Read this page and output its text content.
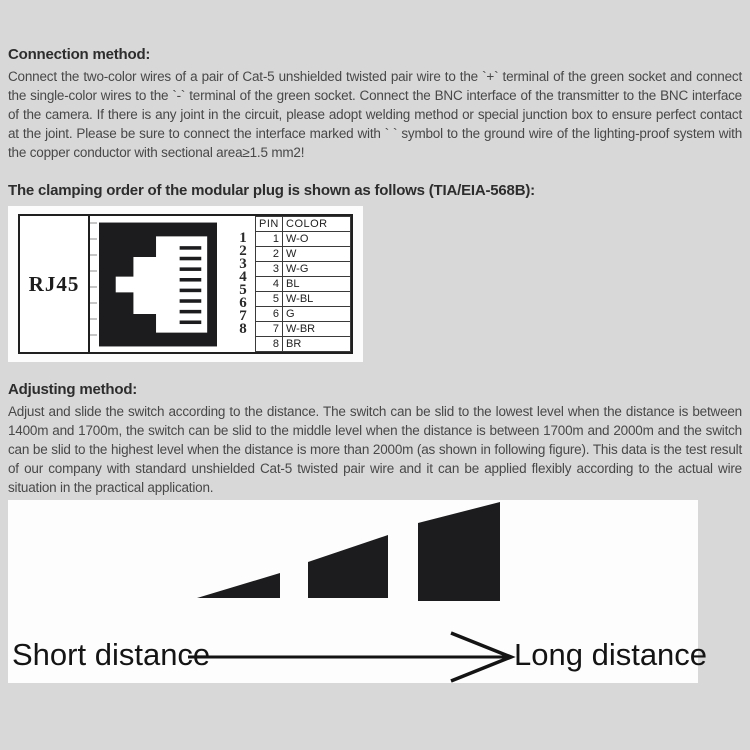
Connection method:

Connect the two-color wires of a pair of Cat-5 unshielded twisted pair wire to the `+` terminal of the green socket and connect the single-color wires to the `-` terminal of the green socket. Connect the BNC interface of the transmitter to the BNC interface of the camera. If there is any joint in the circuit, please adopt welding method or special junction box to ensure perfect contact at the joint. Please be sure to connect the interface marked with ` ` symbol to the ground wire of the lighting-proof system with the copper conductor with sectional area≥1.5 mm2!

The clamping order of the modular plug is shown as follows (TIA/EIA-568B):
RJ45
1
2
3
4
5
6
7
8
PIN	COLOR
1	W-O
2	W
3	W-G
4	BL
5	W-BL
6	G
7	W-BR
8	BR
Adjusting method:

Adjust and slide the switch according to the distance. The switch can be slid to the lowest level when the distance is between 1400m and 1700m, the switch can be slid to the middle level when the distance is between 1700m and 2000m and the switch can be slid to the highest level when the distance is more than 2000m (as shown in following figure). This data is the test result of our company with standard unshielded Cat-5 twisted pair wire and it can be applied flexibly according to the actual wire situation in the practical application.

Short distance	Long distance
